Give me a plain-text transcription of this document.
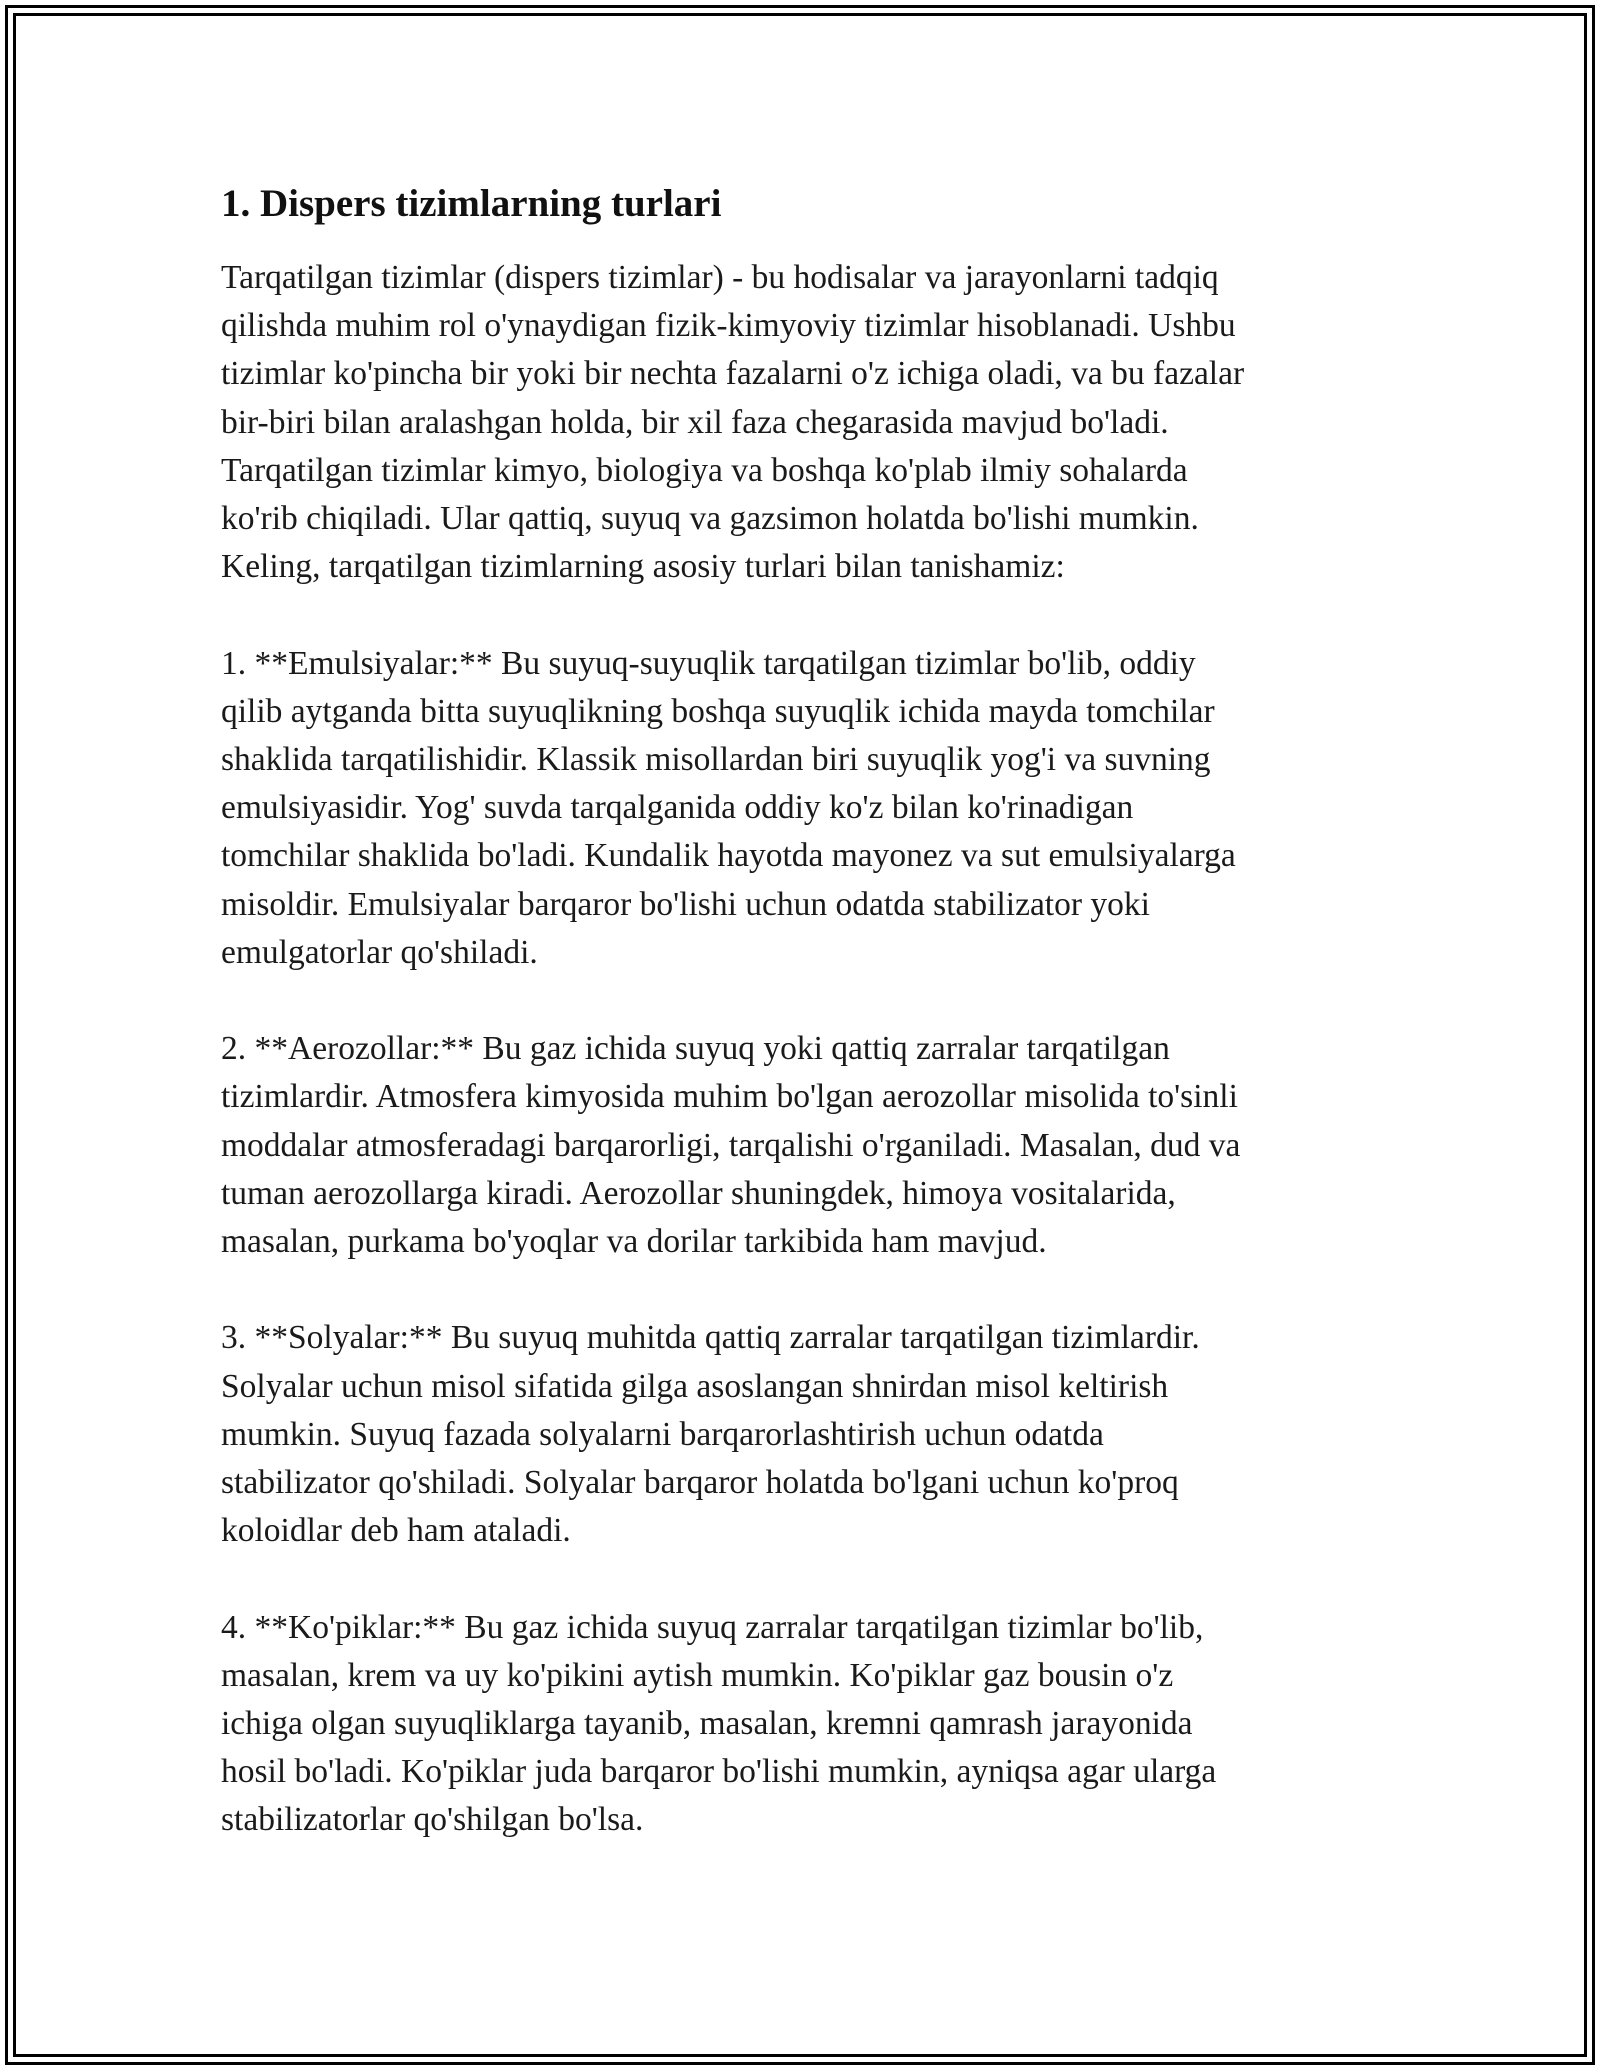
1. Dispers tizimlarning turlari

Tarqatilgan tizimlar (dispers tizimlar) - bu hodisalar va jarayonlarni tadqiq
qilishda muhim rol o'ynaydigan fizik-kimyoviy tizimlar hisoblanadi. Ushbu
tizimlar ko'pincha bir yoki bir nechta fazalarni o'z ichiga oladi, va bu fazalar
bir-biri bilan aralashgan holda, bir xil faza chegarasida mavjud bo'ladi.
Tarqatilgan tizimlar kimyo, biologiya va boshqa ko'plab ilmiy sohalarda
ko'rib chiqiladi. Ular qattiq, suyuq va gazsimon holatda bo'lishi mumkin.
Keling, tarqatilgan tizimlarning asosiy turlari bilan tanishamiz:

1. **Emulsiyalar:** Bu suyuq-suyuqlik tarqatilgan tizimlar bo'lib, oddiy
qilib aytganda bitta suyuqlikning boshqa suyuqlik ichida mayda tomchilar
shaklida tarqatilishidir. Klassik misollardan biri suyuqlik yog'i va suvning
emulsiyasidir. Yog' suvda tarqalganida oddiy ko'z bilan ko'rinadigan
tomchilar shaklida bo'ladi. Kundalik hayotda mayonez va sut emulsiyalarga
misoldir. Emulsiyalar barqaror bo'lishi uchun odatda stabilizator yoki
emulgatorlar qo'shiladi.

2. **Aerozollar:** Bu gaz ichida suyuq yoki qattiq zarralar tarqatilgan
tizimlardir. Atmosfera kimyosida muhim bo'lgan aerozollar misolida to'sinli
moddalar atmosferadagi barqarorligi, tarqalishi o'rganiladi. Masalan, dud va
tuman aerozollarga kiradi. Aerozollar shuningdek, himoya vositalarida,
masalan, purkama bo'yoqlar va dorilar tarkibida ham mavjud.

3. **Solyalar:** Bu suyuq muhitda qattiq zarralar tarqatilgan tizimlardir.
Solyalar uchun misol sifatida gilga asoslangan shnirdan misol keltirish
mumkin. Suyuq fazada solyalarni barqarorlashtirish uchun odatda
stabilizator qo'shiladi. Solyalar barqaror holatda bo'lgani uchun ko'proq
koloidlar deb ham ataladi.

4. **Ko'piklar:** Bu gaz ichida suyuq zarralar tarqatilgan tizimlar bo'lib,
masalan, krem va uy ko'pikini aytish mumkin. Ko'piklar gaz bousin o'z
ichiga olgan suyuqliklarga tayanib, masalan, kremni qamrash jarayonida
hosil bo'ladi. Ko'piklar juda barqaror bo'lishi mumkin, ayniqsa agar ularga
stabilizatorlar qo'shilgan bo'lsa.
